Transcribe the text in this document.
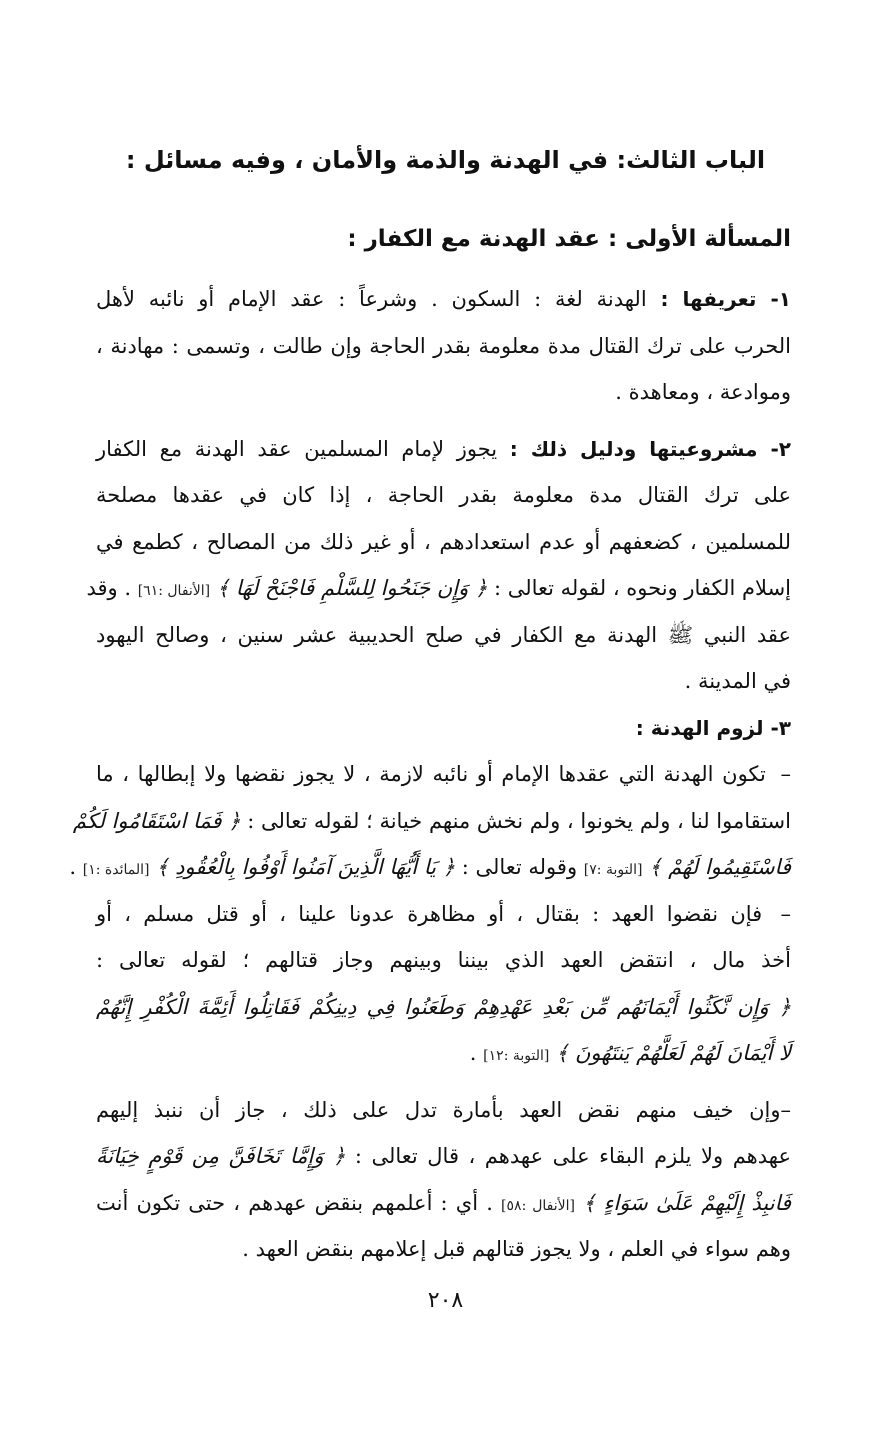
الباب الثالث: في الهدنة والذمة والأمان ، وفيه مسائل :
المسألة الأولى : عقد الهدنة مع الكفار :
١- تعريفها : الهدنة لغة : السكون . وشرعاً : عقد الإمام أو نائبه لأهل
الحرب على ترك القتال مدة معلومة بقدر الحاجة وإن طالت ، وتسمى : مهادنة ،
وموادعة ، ومعاهدة .
٢- مشروعيتها ودليل ذلك : يجوز لإمام المسلمين عقد الهدنة مع الكفار
على ترك القتال مدة معلومة بقدر الحاجة ، إذا كان في عقدها مصلحة
للمسلمين ، كضعفهم أو عدم استعدادهم ، أو غير ذلك من المصالح ، كطمع في
إسلام الكفار ونحوه ، لقوله تعالى : ﴿ وَإِن جَنَحُوا لِلسَّلْمِ فَاجْنَحْ لَهَا ﴾ [الأنفال :٦١] . وقد
عقد النبي ﷺ الهدنة مع الكفار في صلح الحديبية عشر سنين ، وصالح اليهود
في المدينة .
٣- لزوم الهدنة :
– تكون الهدنة التي عقدها الإمام أو نائبه لازمة ، لا يجوز نقضها ولا إبطالها ، ما
استقاموا لنا ، ولم يخونوا ، ولم نخش منهم خيانة ؛ لقوله تعالى : ﴿ فَمَا اسْتَقَامُوا لَكُمْ
فَاسْتَقِيمُوا لَهُمْ ﴾ [التوبة :٧] وقوله تعالى : ﴿ يَا أَيُّهَا الَّذِينَ آمَنُوا أَوْفُوا بِالْعُقُودِ ﴾ [المائدة :١] .
– فإن نقضوا العهد : بقتال ، أو مظاهرة عدونا علينا ، أو قتل مسلم ، أو
أخذ مال ، انتقض العهد الذي بيننا وبينهم وجاز قتالهم ؛ لقوله تعالى :
﴿ وَإِن نَّكَثُوا أَيْمَانَهُم مِّن بَعْدِ عَهْدِهِمْ وَطَعَنُوا فِي دِينِكُمْ فَقَاتِلُوا أَئِمَّةَ الْكُفْرِ إِنَّهُمْ
لَا أَيْمَانَ لَهُمْ لَعَلَّهُمْ يَنتَهُونَ ﴾ [التوبة :١٢] .
–وإن خيف منهم نقض العهد بأمارة تدل على ذلك ، جاز أن ننبذ إليهم
عهدهم ولا يلزم البقاء على عهدهم ، قال تعالى : ﴿ وَإِمَّا تَخَافَنَّ مِن قَوْمٍ خِيَانَةً
فَانبِذْ إِلَيْهِمْ عَلَىٰ سَوَاءٍ ﴾ [الأنفال :٥٨] . أي : أعلمهم بنقض عهدهم ، حتى تكون أنت
وهم سواء في العلم ، ولا يجوز قتالهم قبل إعلامهم بنقض العهد .
٢٠٨
